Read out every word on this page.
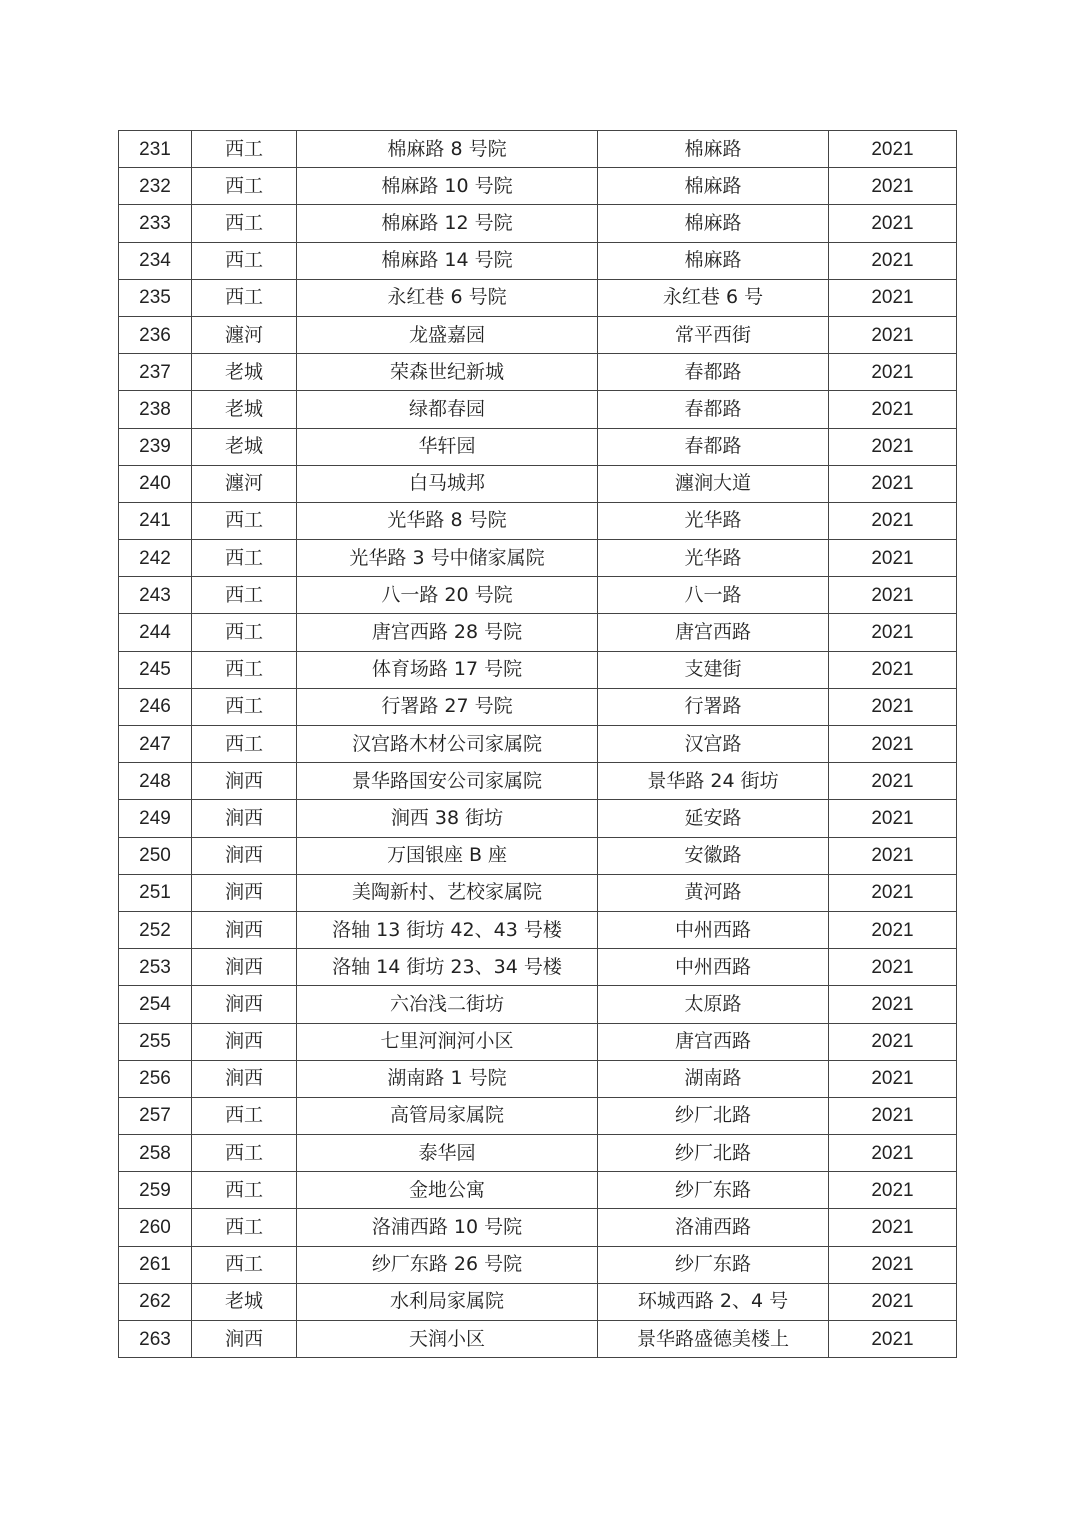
231	西工	棉麻路 8 号院	棉麻路	2021
232	西工	棉麻路 10 号院	棉麻路	2021
233	西工	棉麻路 12 号院	棉麻路	2021
234	西工	棉麻路 14 号院	棉麻路	2021
235	西工	永红巷 6 号院	永红巷 6 号	2021
236	瀍河	龙盛嘉园	常平西街	2021
237	老城	荣森世纪新城	春都路	2021
238	老城	绿都春园	春都路	2021
239	老城	华轩园	春都路	2021
240	瀍河	白马城邦	瀍涧大道	2021
241	西工	光华路 8 号院	光华路	2021
242	西工	光华路 3 号中储家属院	光华路	2021
243	西工	八一路 20 号院	八一路	2021
244	西工	唐宫西路 28 号院	唐宫西路	2021
245	西工	体育场路 17 号院	支建街	2021
246	西工	行署路 27 号院	行署路	2021
247	西工	汉宫路木材公司家属院	汉宫路	2021
248	涧西	景华路国安公司家属院	景华路 24 街坊	2021
249	涧西	涧西 38 街坊	延安路	2021
250	涧西	万国银座 B 座	安徽路	2021
251	涧西	美陶新村、艺校家属院	黄河路	2021
252	涧西	洛轴 13 街坊 42、43 号楼	中州西路	2021
253	涧西	洛轴 14 街坊 23、34 号楼	中州西路	2021
254	涧西	六冶浅二街坊	太原路	2021
255	涧西	七里河涧河小区	唐宫西路	2021
256	涧西	湖南路 1 号院	湖南路	2021
257	西工	高管局家属院	纱厂北路	2021
258	西工	泰华园	纱厂北路	2021
259	西工	金地公寓	纱厂东路	2021
260	西工	洛浦西路 10 号院	洛浦西路	2021
261	西工	纱厂东路 26 号院	纱厂东路	2021
262	老城	水利局家属院	环城西路 2、4 号	2021
263	涧西	天润小区	景华路盛德美楼上	2021
